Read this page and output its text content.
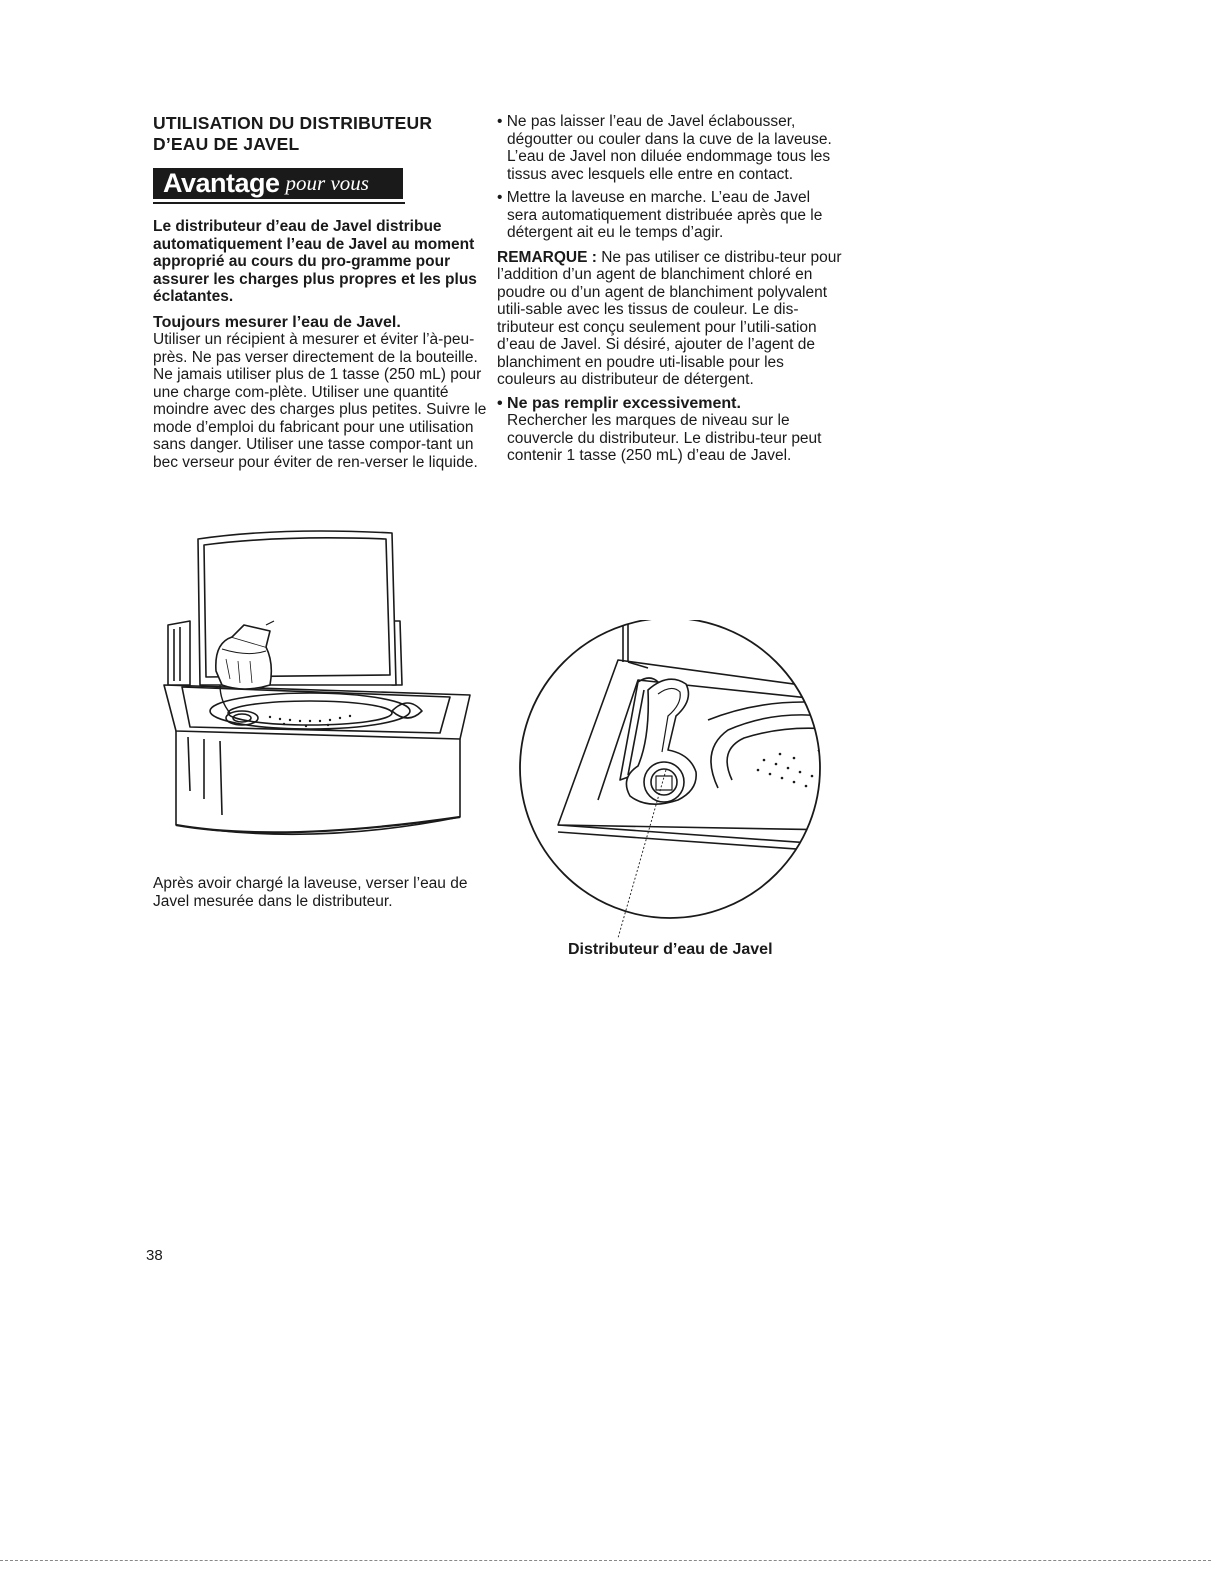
UTILISATION DU DISTRIBUTEUR
D’EAU DE JAVEL
Avantage pour vous

Le distributeur d’eau de Javel distribue automatiquement l’eau de Javel au moment approprié au cours du pro-gramme pour assurer les charges plus propres et les plus éclatantes.

Toujours mesurer l’eau de Javel.

Utiliser un récipient à mesurer et éviter l’à-peu-près. Ne pas verser directement de la bouteille. Ne jamais utiliser plus de 1 tasse (250 mL) pour une charge com-plète. Utiliser une quantité moindre avec des charges plus petites. Suivre le mode d’emploi du fabricant pour une utilisation sans danger. Utiliser une tasse compor-tant un bec verseur pour éviter de ren-verser le liquide.

Après avoir chargé la laveuse, verser l’eau de Javel mesurée dans le distributeur.

• Ne pas laisser l’eau de Javel éclabousser, dégoutter ou couler dans la cuve de la laveuse. L’eau de Javel non diluée endommage tous les tissus avec lesquels elle entre en contact.

• Mettre la laveuse en marche. L’eau de Javel sera automatiquement distribuée après que le détergent ait eu le temps d’agir.

REMARQUE : Ne pas utiliser ce distribu-teur pour l’addition d’un agent de blanchiment chloré en poudre ou d’un agent de blanchiment polyvalent utili-sable avec les tissus de couleur. Le dis-tributeur est conçu seulement pour l’utili-sation d’eau de Javel. Si désiré, ajouter de l’agent de blanchiment en poudre uti-lisable pour les couleurs au distributeur de détergent.

• Ne pas remplir excessivement.

Rechercher les marques de niveau sur le couvercle du distributeur. Le distribu-teur peut contenir 1 tasse (250 mL) d’eau de Javel.

Distributeur d’eau de Javel
38
